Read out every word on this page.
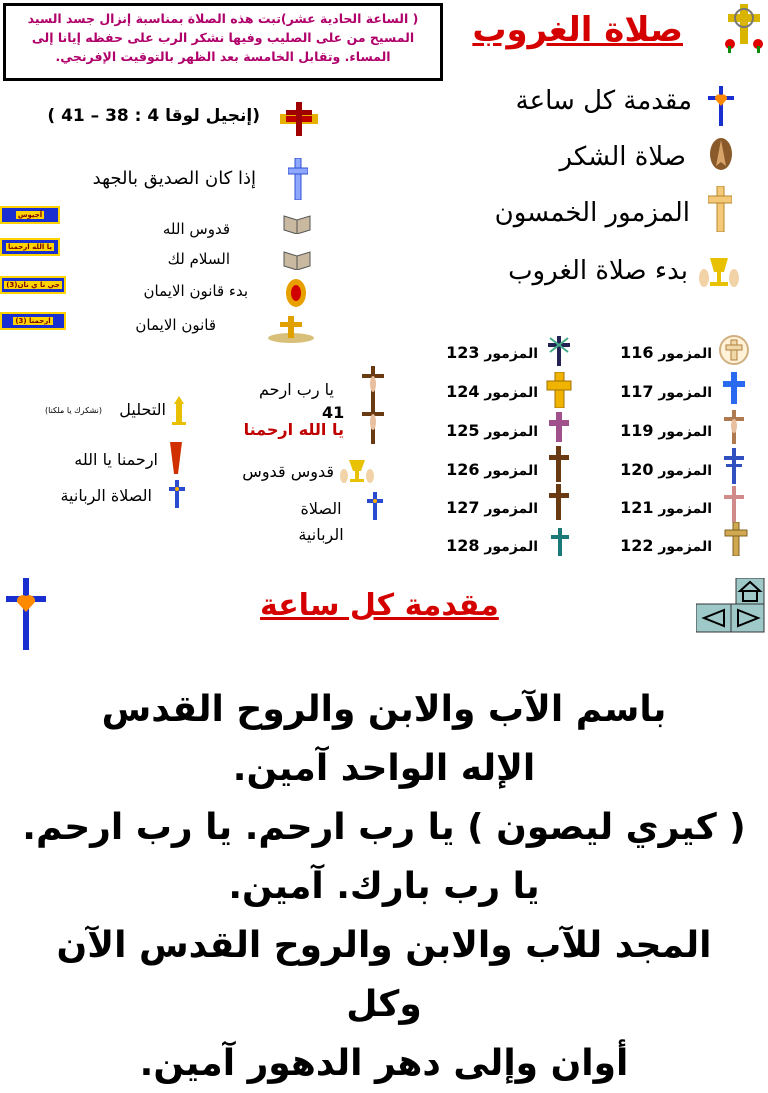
( الساعة الحادية عشر)تبت هذه الصلاة بمناسبة إنزال جسد السيد المسيح من على الصليب وفيها نشكر الرب على حفظه إيانا إلى المساء. وتقابل الخامسة بعد الظهر بالتوقيت الإفرنجي.
صلاة الغروب
مقدمة كل ساعة
صلاة الشكر
المزمور الخمسون
بدء صلاة الغروب
(إنجيل لوقا 4 : 38 – 41 )
إذا كان الصديق بالجهد
أجيوس
قدوس الله
يا الله ارحمنا
السلام لك
جي نا ي نان(3)	بدء قانون الايمان
ارحمنا (3)	قانون الايمان
المزمور 123
المزمور 124
المزمور 125
المزمور 126
المزمور 127
المزمور 128
المزمور 116
المزمور 117
المزمور 119
المزمور 120
المزمور 121
المزمور 122
التحليل
(نشكرك يا ملكنا)
ارحمنا يا الله
الصلاة الربانية
يا رب ارحم
41
يا الله ارحمنا
قدوس قدوس
الصلاة الربانية
مقدمة كل ساعة
باسم الآب والابن والروح القدس
الإله الواحد آمين.
( كيري ليصون ) يا رب ارحم. يا رب ارحم.
يا رب بارك. آمين.
المجد للآب والابن والروح القدس الآن وكل
أوان وإلى دهر الدهور آمين.
